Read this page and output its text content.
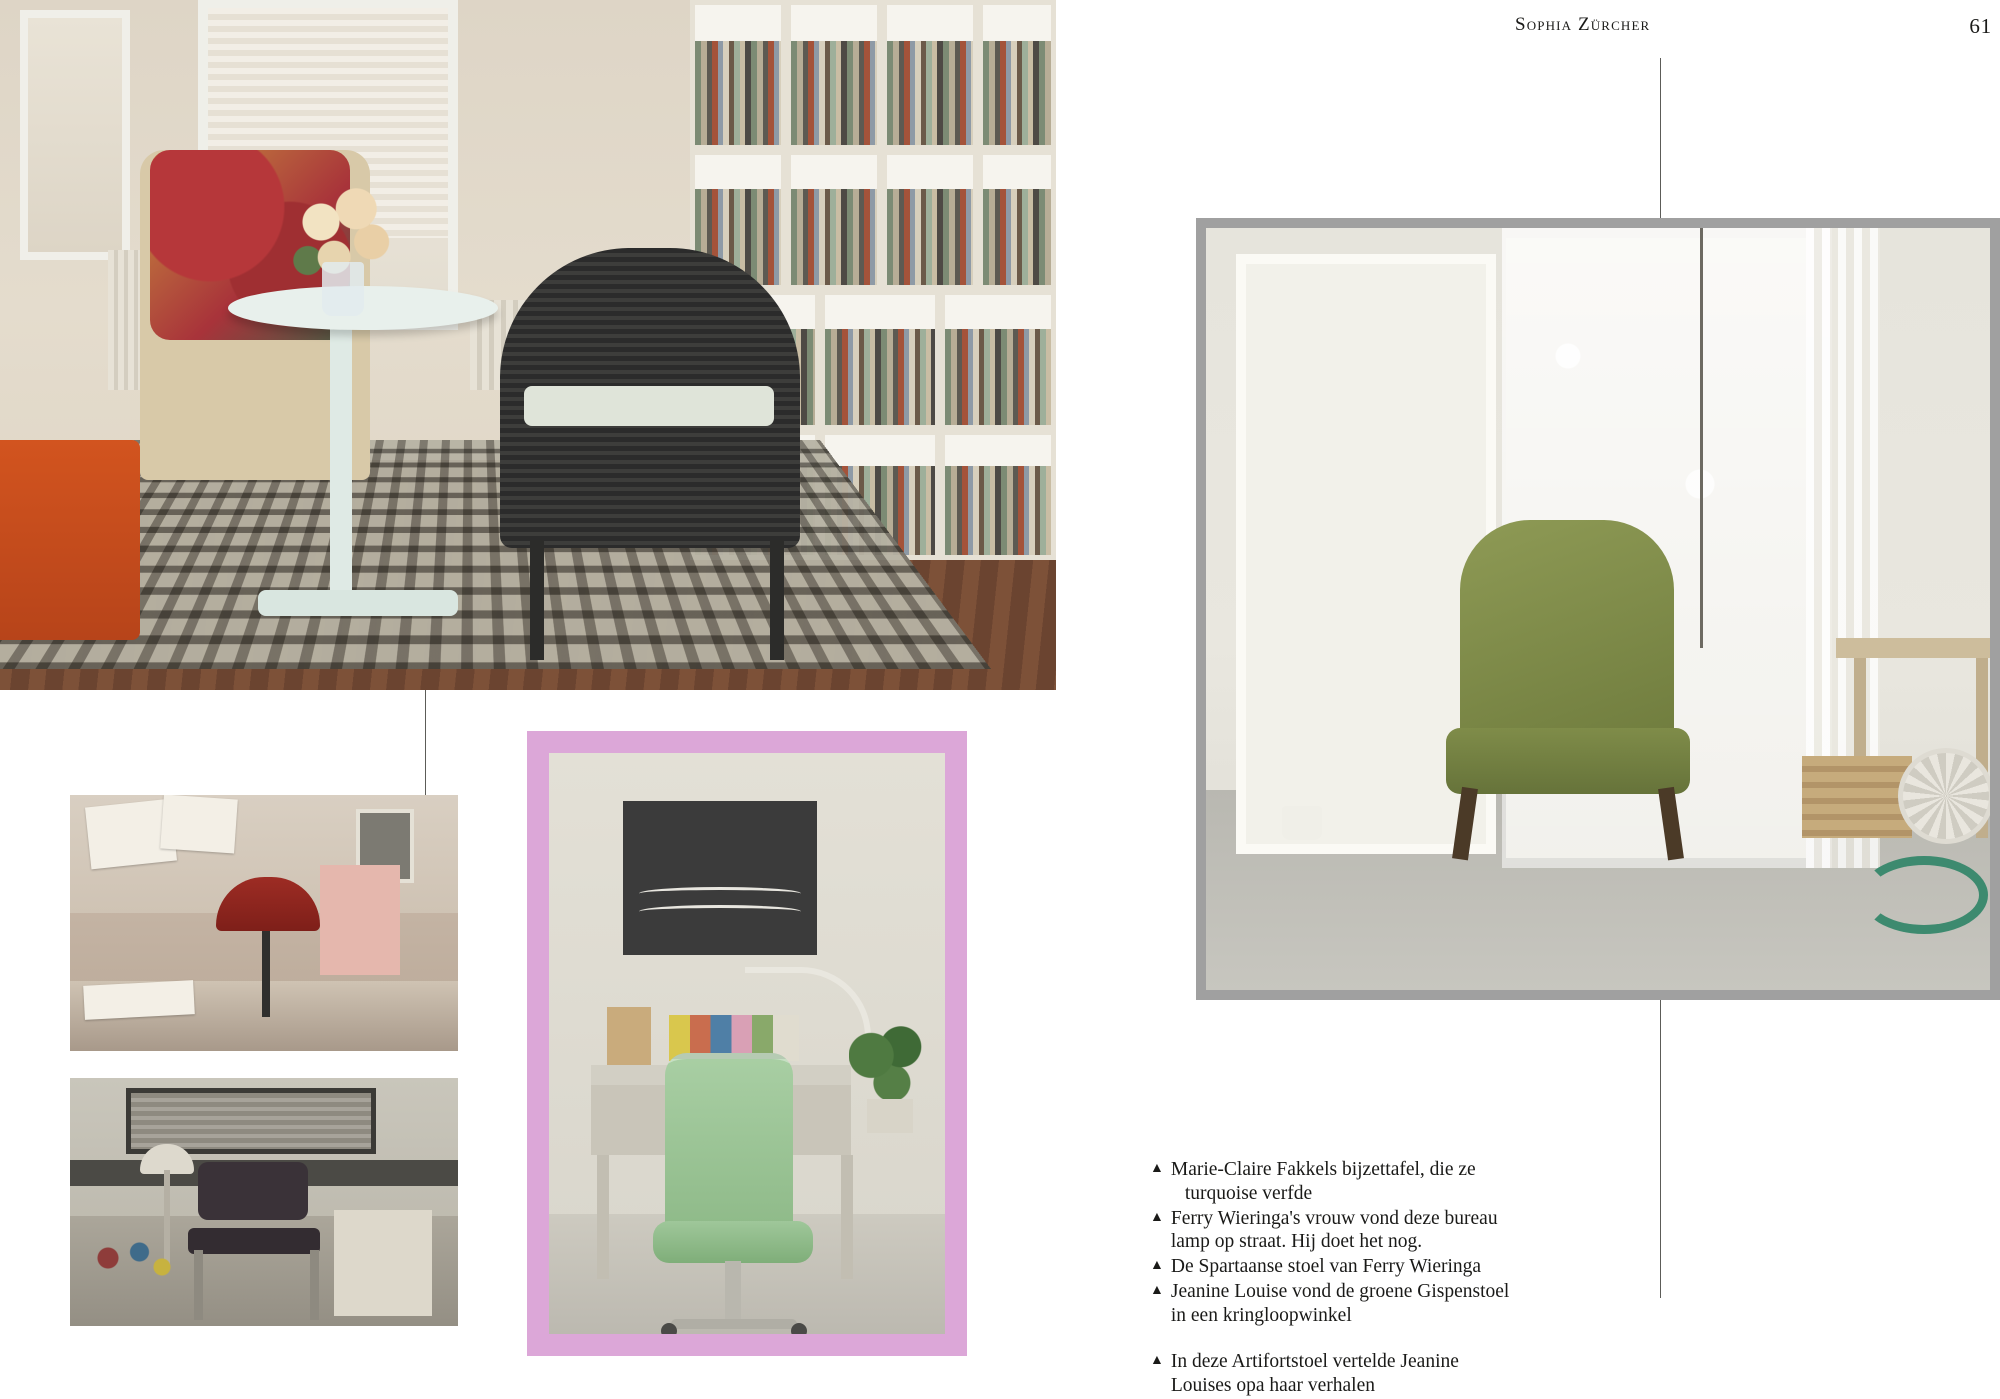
Sophia Zürcher	61
▲ Marie-Claire Fakkels bijzettafel, die ze
turquoise verfde
▲ Ferry Wieringa's vrouw vond deze bureau
lamp op straat. Hij doet het nog.
▲ De Spartaanse stoel van Ferry Wieringa
▲ Jeanine Louise vond de groene Gispenstoel
in een kringloopwinkel
▲ In deze Artifortstoel vertelde Jeanine
Louises opa haar verhalen
